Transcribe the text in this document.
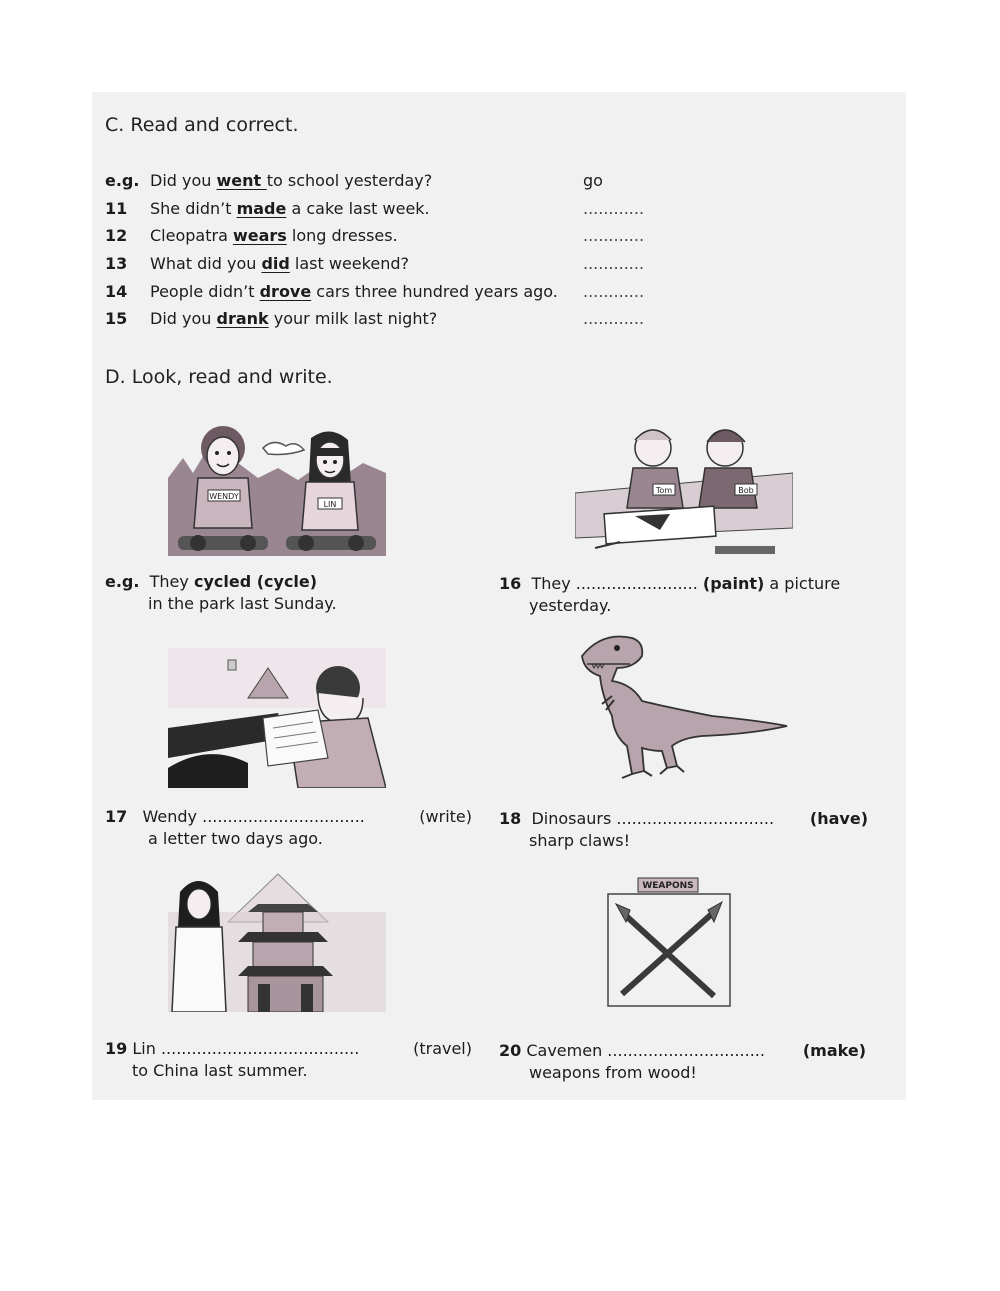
C. Read and correct.
e.g. Did you went to school yesterday?	go
11	She didn’t made a cake last week.	............
12	Cleopatra wears long dresses.	............
13	What did you did last weekend?	............
14	People didn’t drove cars three hundred years ago. ............
15	Did you drank your milk last night?	............
D. Look, read and write.
WENDY
LIN
Tom	Bob
e.g. They cycled (cycle)
in the park last Sunday.
16 They ........................ (paint) a picture
yesterday.
17 Wendy ................................	(write)
a letter two days ago.
18 Dinosaurs ............................... (have)
sharp claws!
WEAPONS
19 Lin .......................................	(travel)
to China last summer.
20 Cavemen ............................... (make)
weapons from wood!
